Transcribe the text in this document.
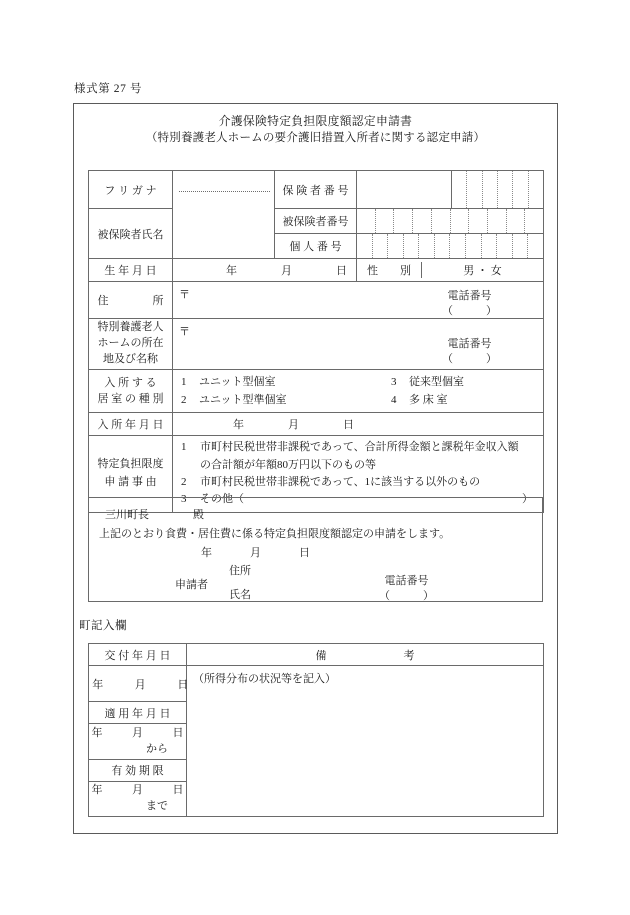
様式第 27 号
介護保険特定負担限度額認定申請書
（特別養護老人ホームの要介護旧措置入所者に関する認定申請）
フ リ ガ ナ		保 険 者 番 号	

被保険者氏名		被保険者番号	

		個 人 番 号	

生 年 月 日	年 月 日		性　　別 男 ・ 女

住　　　　所	〒 電話番号
（　　　）		

特別養護老人
ホームの所在
地及び名称	〒
電話番号
（　　　）		

入 所 す る
居 室 の 種 別	
1	ユニット型個室	3	従来型個室
2	ユニット型準個室	4	多 床 室

入 所 年 月 日	年 月 日		
特定負担限度
申 請 事 由	
1	市町村民税世帯非課税であって、合計所得金額と課税年金収入額
の合計額が年額80万円以下のもの等
2	市町村民税世帯非課税であって、1に該当する以外のもの
3	その他（	）
三川町長	殿
上記のとおり食費・居住費に係る特定負担限度額認定の申請をします。
年	月	日
申請者
住所
氏名
電話番号
（　　　）
町記入欄
交 付 年 月 日	備　　　　　　　考
年　　月　　日	（所得分布の状況等を記入）

適 用 年 月 日	

年　　月　　日
から	

有 効 期 限	

年　　月　　日
まで	
